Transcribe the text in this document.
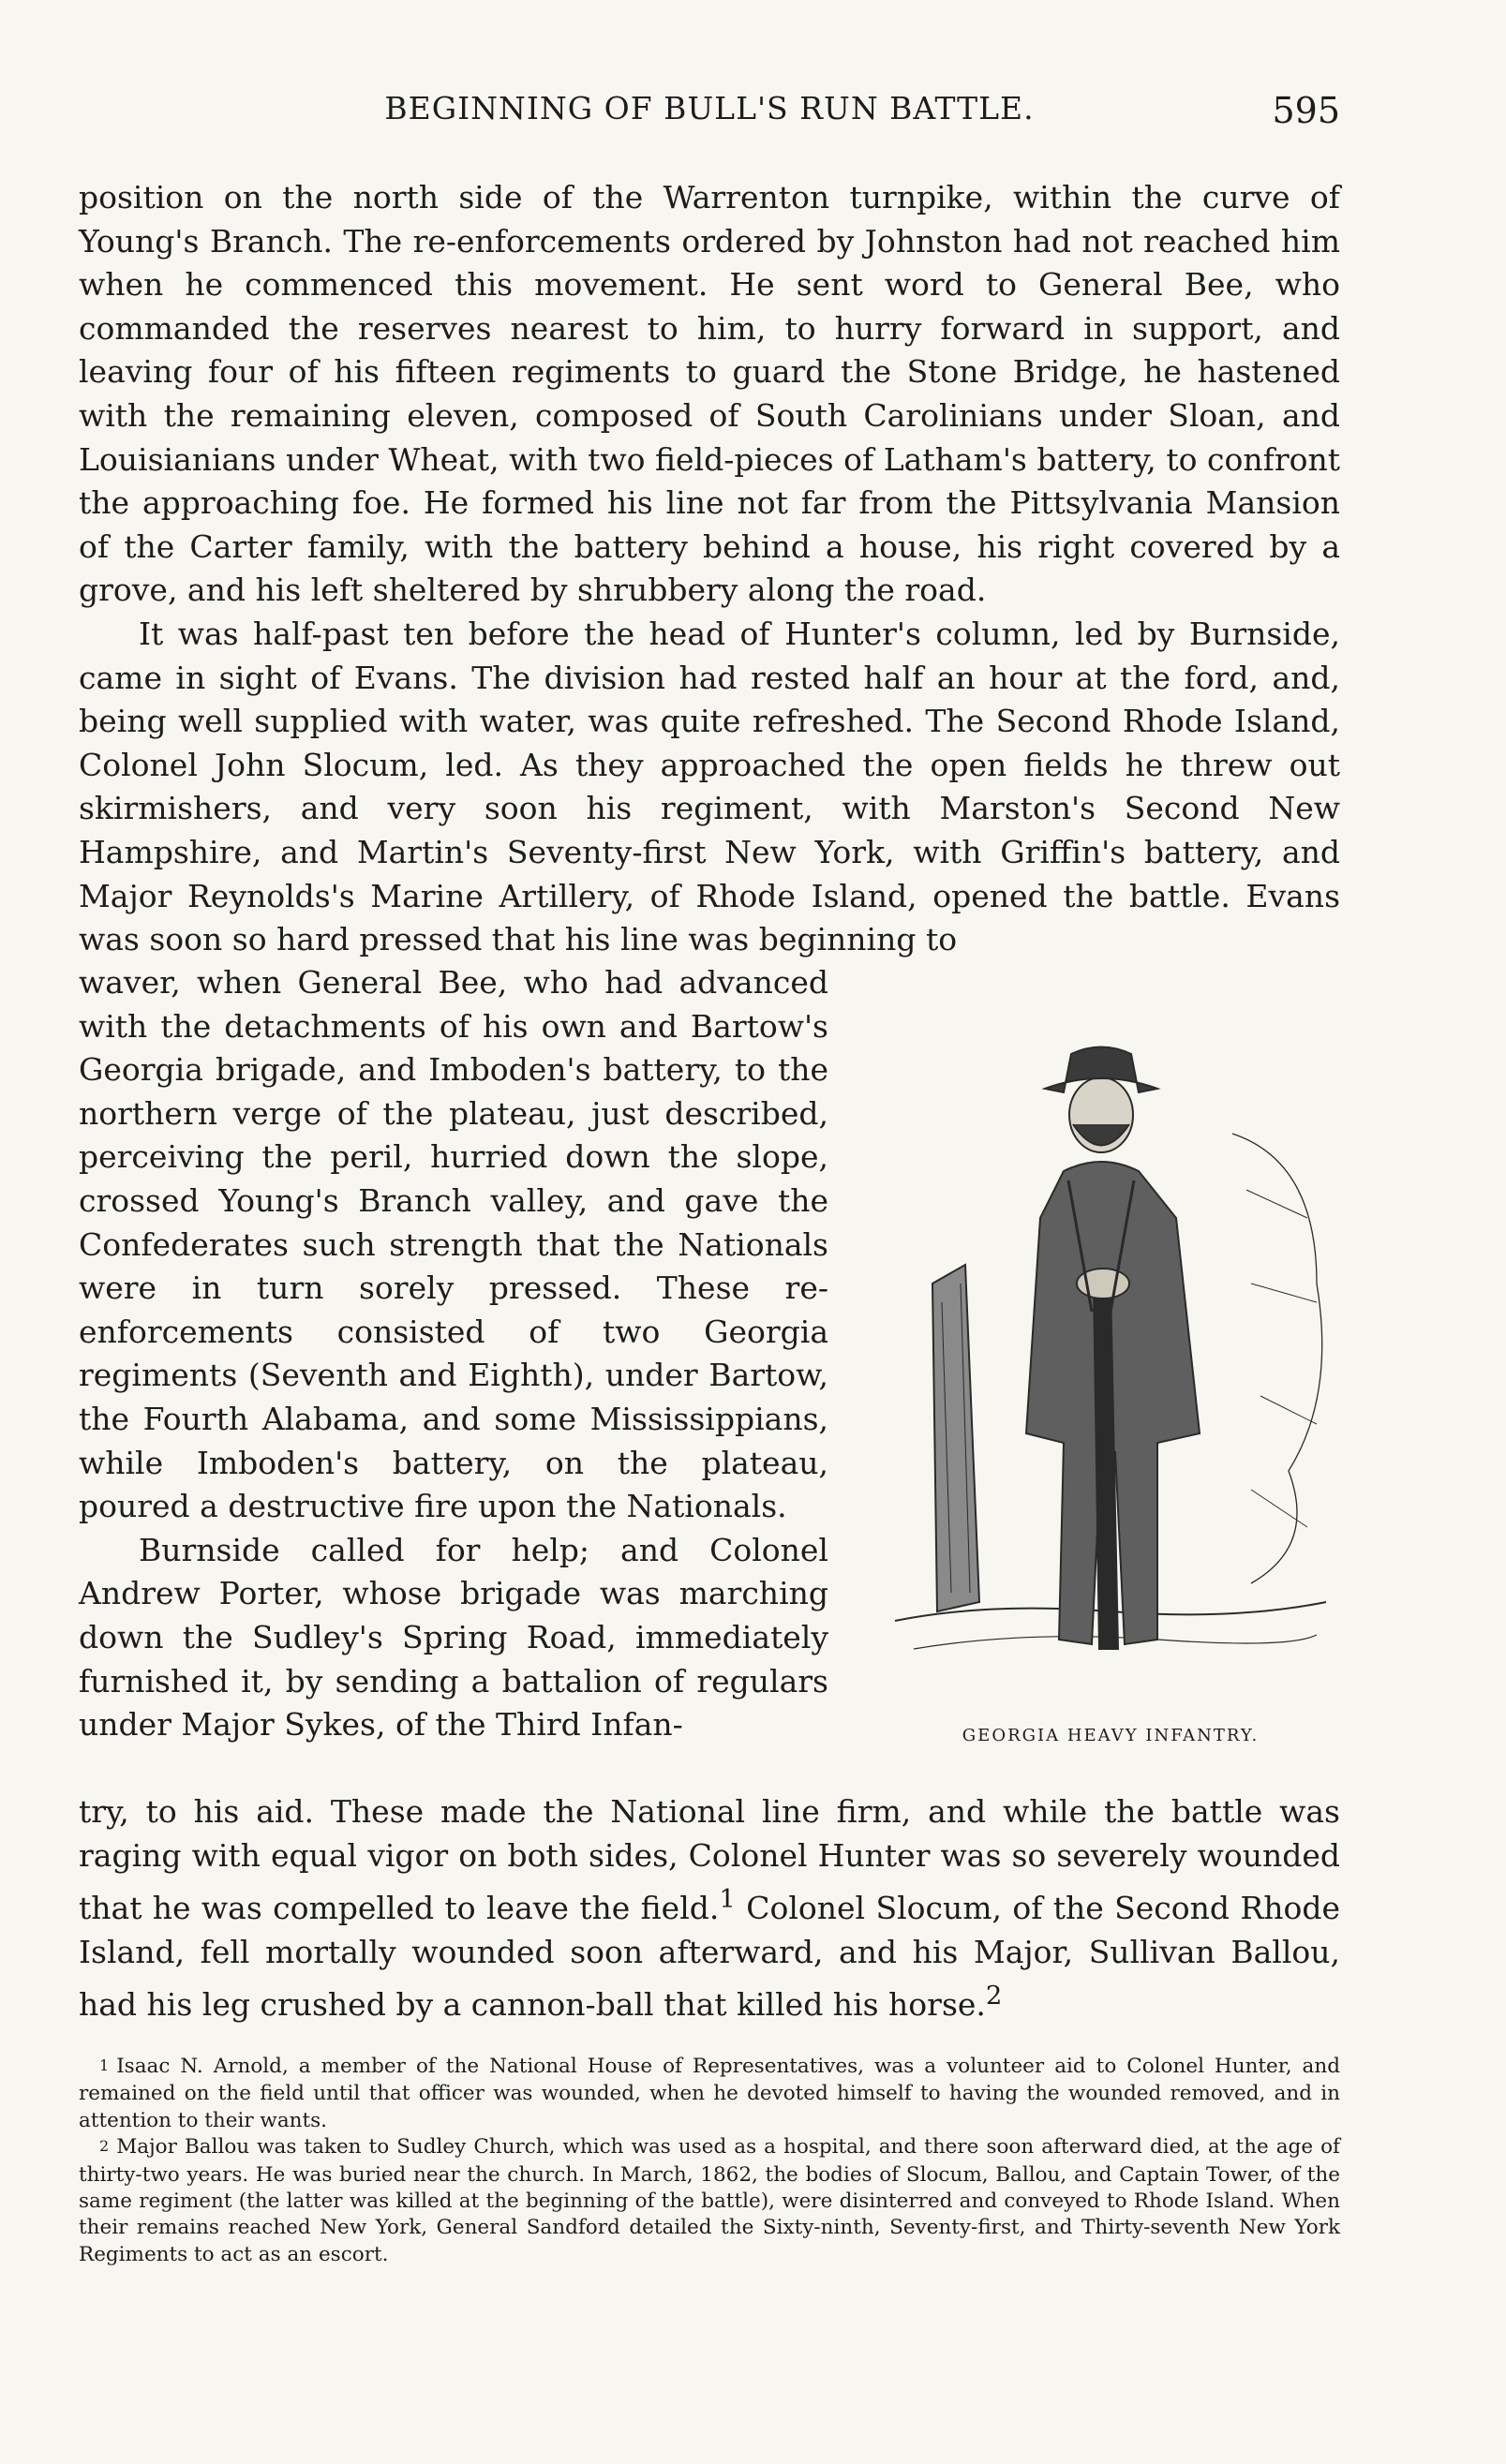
BEGINNING OF BULL'S RUN BATTLE.	595

position on the north side of the Warrenton turnpike, within the curve of Young's Branch. The re-enforcements ordered by Johnston had not reached him when he commenced this movement. He sent word to General Bee, who commanded the reserves nearest to him, to hurry forward in support, and leaving four of his fifteen regiments to guard the Stone Bridge, he hastened with the remaining eleven, composed of South Carolinians under Sloan, and Louisianians under Wheat, with two field-pieces of Latham's battery, to confront the approaching foe. He formed his line not far from the Pittsylvania Mansion of the Carter family, with the battery behind a house, his right covered by a grove, and his left sheltered by shrubbery along the road.

It was half-past ten before the head of Hunter's column, led by Burnside, came in sight of Evans. The division had rested half an hour at the ford, and, being well supplied with water, was quite refreshed. The Second Rhode Island, Colonel John Slocum, led. As they approached the open fields he threw out skirmishers, and very soon his regiment, with Marston's Second New Hampshire, and Martin's Seventy-first New York, with Griffin's battery, and Major Reynolds's Marine Artillery, of Rhode Island, opened the battle. Evans was soon so hard pressed that his line was beginning to

waver, when General Bee, who had advanced with the detachments of his own and Bartow's Georgia brigade, and Imboden's battery, to the northern verge of the plateau, just described, perceiving the peril, hurried down the slope, crossed Young's Branch valley, and gave the Confederates such strength that the Nationals were in turn sorely pressed. These re-enforcements consisted of two Georgia regiments (Seventh and Eighth), under Bartow, the Fourth Alabama, and some Mississippians, while Imboden's battery, on the plateau, poured a destructive fire upon the Nationals.

Burnside called for help; and Colonel Andrew Porter, whose brigade was marching down the Sudley's Spring Road, immediately furnished it, by sending a battalion of regulars under Major Sykes, of the Third Infan-

try, to his aid. These made the National line firm, and while the battle was raging with equal vigor on both sides, Colonel Hunter was so severely wounded that he was compelled to leave the field.$^1$ Colonel Slocum, of the Second Rhode Island, fell mortally wounded soon afterward, and his Major, Sullivan Ballou, had his leg crushed by a cannon-ball that killed his horse.$^2$

GEORGIA HEAVY INFANTRY.

1 Isaac N. Arnold, a member of the National House of Representatives, was a volunteer aid to Colonel Hunter, and remained on the field until that officer was wounded, when he devoted himself to having the wounded removed, and in attention to their wants.

2 Major Ballou was taken to Sudley Church, which was used as a hospital, and there soon afterward died, at the age of thirty-two years. He was buried near the church. In March, 1862, the bodies of Slocum, Ballou, and Captain Tower, of the same regiment (the latter was killed at the beginning of the battle), were disinterred and conveyed to Rhode Island. When their remains reached New York, General Sandford detailed the Sixty-ninth, Seventy-first, and Thirty-seventh New York Regiments to act as an escort.
